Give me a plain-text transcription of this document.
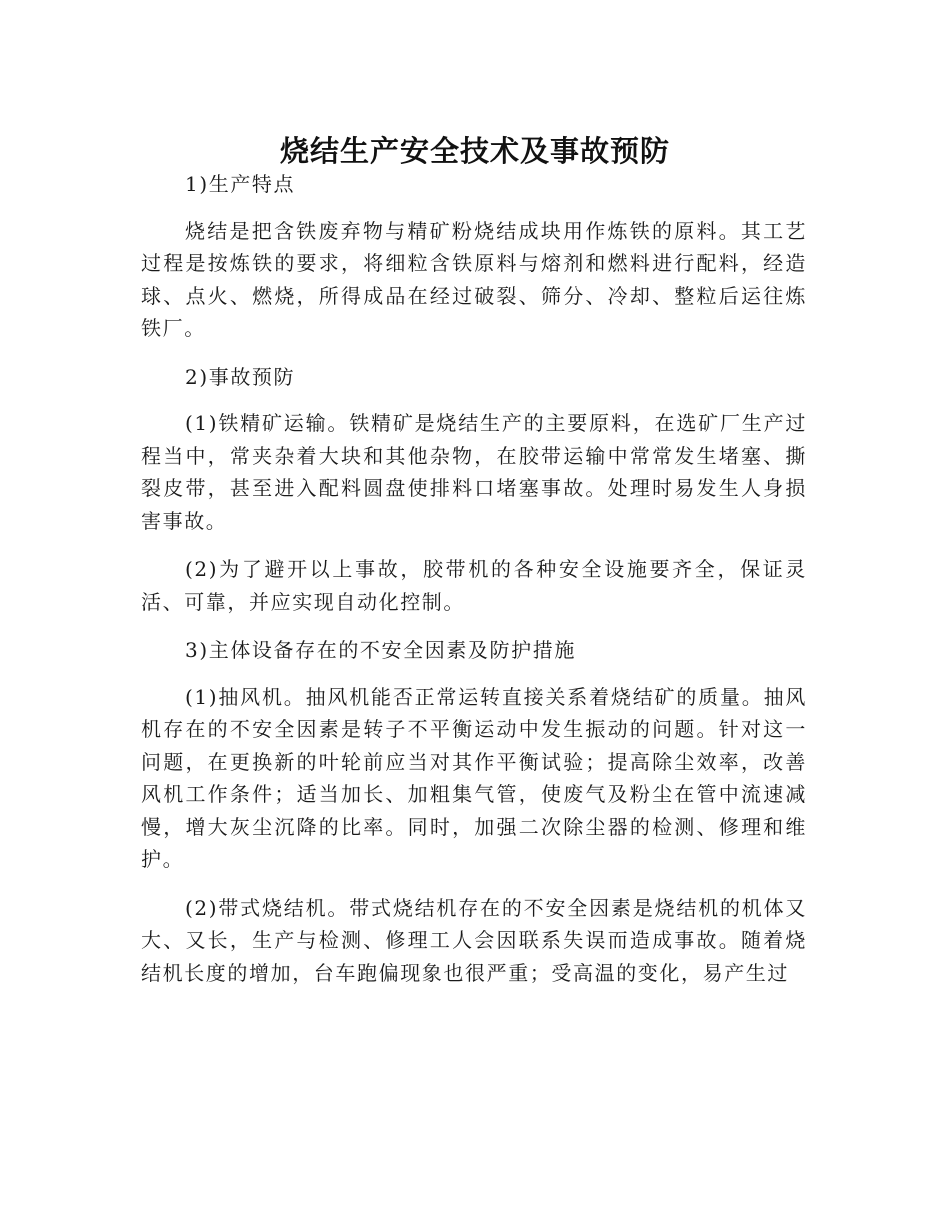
烧结生产安全技术及事故预防

1)生产特点

烧结是把含铁废弃物与精矿粉烧结成块用作炼铁的原料。其工艺过程是按炼铁的要求，将细粒含铁原料与熔剂和燃料进行配料，经造球、点火、燃烧，所得成品在经过破裂、筛分、冷却、整粒后运往炼铁厂。

2)事故预防

(1)铁精矿运输。铁精矿是烧结生产的主要原料，在选矿厂生产过程当中，常夹杂着大块和其他杂物，在胶带运输中常常发生堵塞、撕裂皮带，甚至进入配料圆盘使排料口堵塞事故。处理时易发生人身损害事故。

(2)为了避开以上事故，胶带机的各种安全设施要齐全，保证灵活、可靠，并应实现自动化控制。

3)主体设备存在的不安全因素及防护措施

(1)抽风机。抽风机能否正常运转直接关系着烧结矿的质量。抽风机存在的不安全因素是转子不平衡运动中发生振动的问题。针对这一问题，在更换新的叶轮前应当对其作平衡试验；提高除尘效率，改善风机工作条件；适当加长、加粗集气管，使废气及粉尘在管中流速减慢，增大灰尘沉降的比率。同时，加强二次除尘器的检测、修理和维护。

(2)带式烧结机。带式烧结机存在的不安全因素是烧结机的机体又大、又长，生产与检测、修理工人会因联系失误而造成事故。随着烧结机长度的增加，台车跑偏现象也很严重；受高温的变化，易产生过
